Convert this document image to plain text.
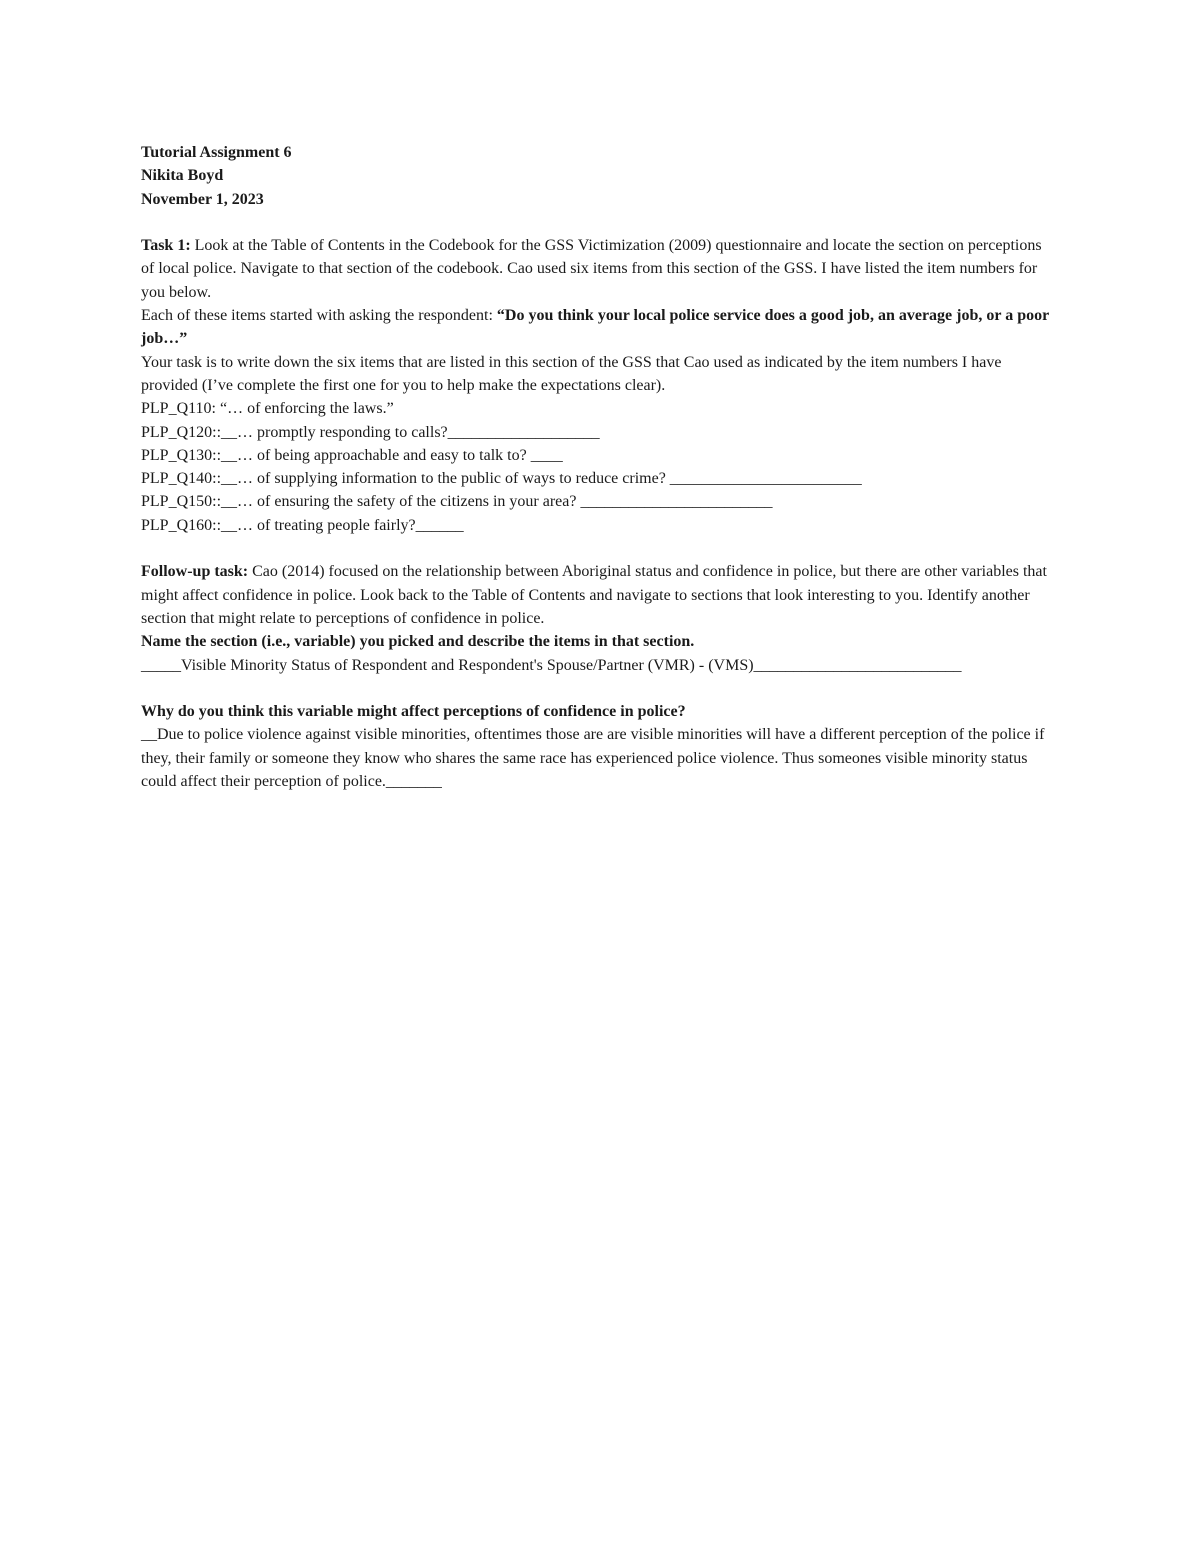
Tutorial Assignment 6
Nikita Boyd
November 1, 2023
Task 1: Look at the Table of Contents in the Codebook for the GSS Victimization (2009) questionnaire and locate the section on perceptions of local police. Navigate to that section of the codebook. Cao used six items from this section of the GSS. I have listed the item numbers for you below.
Each of these items started with asking the respondent: “Do you think your local police service does a good job, an average job, or a poor job…”
Your task is to write down the six items that are listed in this section of the GSS that Cao used as indicated by the item numbers I have provided (I’ve complete the first one for you to help make the expectations clear).
PLP_Q110: “… of enforcing the laws.”
PLP_Q120::__… promptly responding to calls?___________________
PLP_Q130::__… of being approachable and easy to talk to? ____
PLP_Q140::__… of supplying information to the public of ways to reduce crime? ________________________
PLP_Q150::__… of ensuring the safety of the citizens in your area? ________________________
PLP_Q160::__… of treating people fairly?______
Follow-up task: Cao (2014) focused on the relationship between Aboriginal status and confidence in police, but there are other variables that might affect confidence in police. Look back to the Table of Contents and navigate to sections that look interesting to you. Identify another section that might relate to perceptions of confidence in police.
Name the section (i.e., variable) you picked and describe the items in that section.
_____Visible Minority Status of Respondent and Respondent's Spouse/Partner (VMR) - (VMS)__________________________
Why do you think this variable might affect perceptions of confidence in police?
__Due to police violence against visible minorities, oftentimes those are are visible minorities will have a different perception of the police if they, their family or someone they know who shares the same race has experienced police violence. Thus someones visible minority status could affect their perception of police._______
